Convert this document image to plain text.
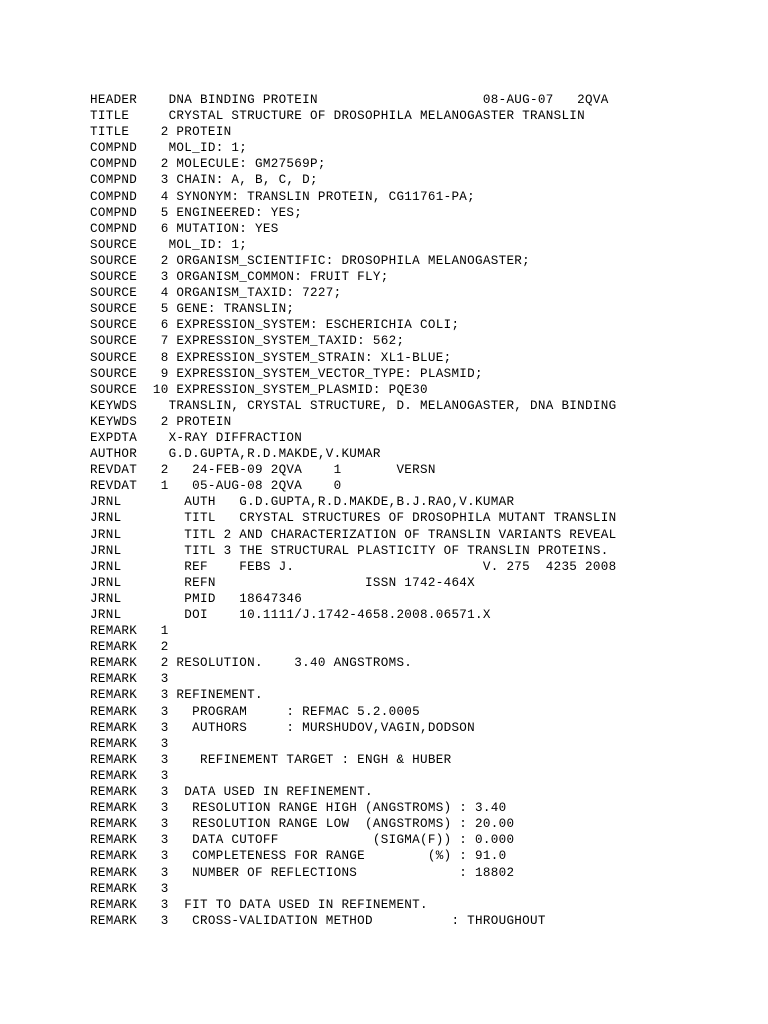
HEADER    DNA BINDING PROTEIN                     08-AUG-07   2QVA
TITLE     CRYSTAL STRUCTURE OF DROSOPHILA MELANOGASTER TRANSLIN
TITLE    2 PROTEIN
COMPND    MOL_ID: 1;
COMPND   2 MOLECULE: GM27569P;
COMPND   3 CHAIN: A, B, C, D;
COMPND   4 SYNONYM: TRANSLIN PROTEIN, CG11761-PA;
COMPND   5 ENGINEERED: YES;
COMPND   6 MUTATION: YES
SOURCE    MOL_ID: 1;
SOURCE   2 ORGANISM_SCIENTIFIC: DROSOPHILA MELANOGASTER;
SOURCE   3 ORGANISM_COMMON: FRUIT FLY;
SOURCE   4 ORGANISM_TAXID: 7227;
SOURCE   5 GENE: TRANSLIN;
SOURCE   6 EXPRESSION_SYSTEM: ESCHERICHIA COLI;
SOURCE   7 EXPRESSION_SYSTEM_TAXID: 562;
SOURCE   8 EXPRESSION_SYSTEM_STRAIN: XL1-BLUE;
SOURCE   9 EXPRESSION_SYSTEM_VECTOR_TYPE: PLASMID;
SOURCE  10 EXPRESSION_SYSTEM_PLASMID: PQE30
KEYWDS    TRANSLIN, CRYSTAL STRUCTURE, D. MELANOGASTER, DNA BINDING
KEYWDS   2 PROTEIN
EXPDTA    X-RAY DIFFRACTION
AUTHOR    G.D.GUPTA,R.D.MAKDE,V.KUMAR
REVDAT   2   24-FEB-09 2QVA    1       VERSN
REVDAT   1   05-AUG-08 2QVA    0
JRNL        AUTH   G.D.GUPTA,R.D.MAKDE,B.J.RAO,V.KUMAR
JRNL        TITL   CRYSTAL STRUCTURES OF DROSOPHILA MUTANT TRANSLIN
JRNL        TITL 2 AND CHARACTERIZATION OF TRANSLIN VARIANTS REVEAL
JRNL        TITL 3 THE STRUCTURAL PLASTICITY OF TRANSLIN PROTEINS.
JRNL        REF    FEBS J.                        V. 275  4235 2008
JRNL        REFN                   ISSN 1742-464X
JRNL        PMID   18647346
JRNL        DOI    10.1111/J.1742-4658.2008.06571.X
REMARK   1
REMARK   2
REMARK   2 RESOLUTION.    3.40 ANGSTROMS.
REMARK   3
REMARK   3 REFINEMENT.
REMARK   3   PROGRAM     : REFMAC 5.2.0005
REMARK   3   AUTHORS     : MURSHUDOV,VAGIN,DODSON
REMARK   3
REMARK   3    REFINEMENT TARGET : ENGH & HUBER
REMARK   3
REMARK   3  DATA USED IN REFINEMENT.
REMARK   3   RESOLUTION RANGE HIGH (ANGSTROMS) : 3.40
REMARK   3   RESOLUTION RANGE LOW  (ANGSTROMS) : 20.00
REMARK   3   DATA CUTOFF            (SIGMA(F)) : 0.000
REMARK   3   COMPLETENESS FOR RANGE        (%) : 91.0
REMARK   3   NUMBER OF REFLECTIONS             : 18802
REMARK   3
REMARK   3  FIT TO DATA USED IN REFINEMENT.
REMARK   3   CROSS-VALIDATION METHOD          : THROUGHOUT
